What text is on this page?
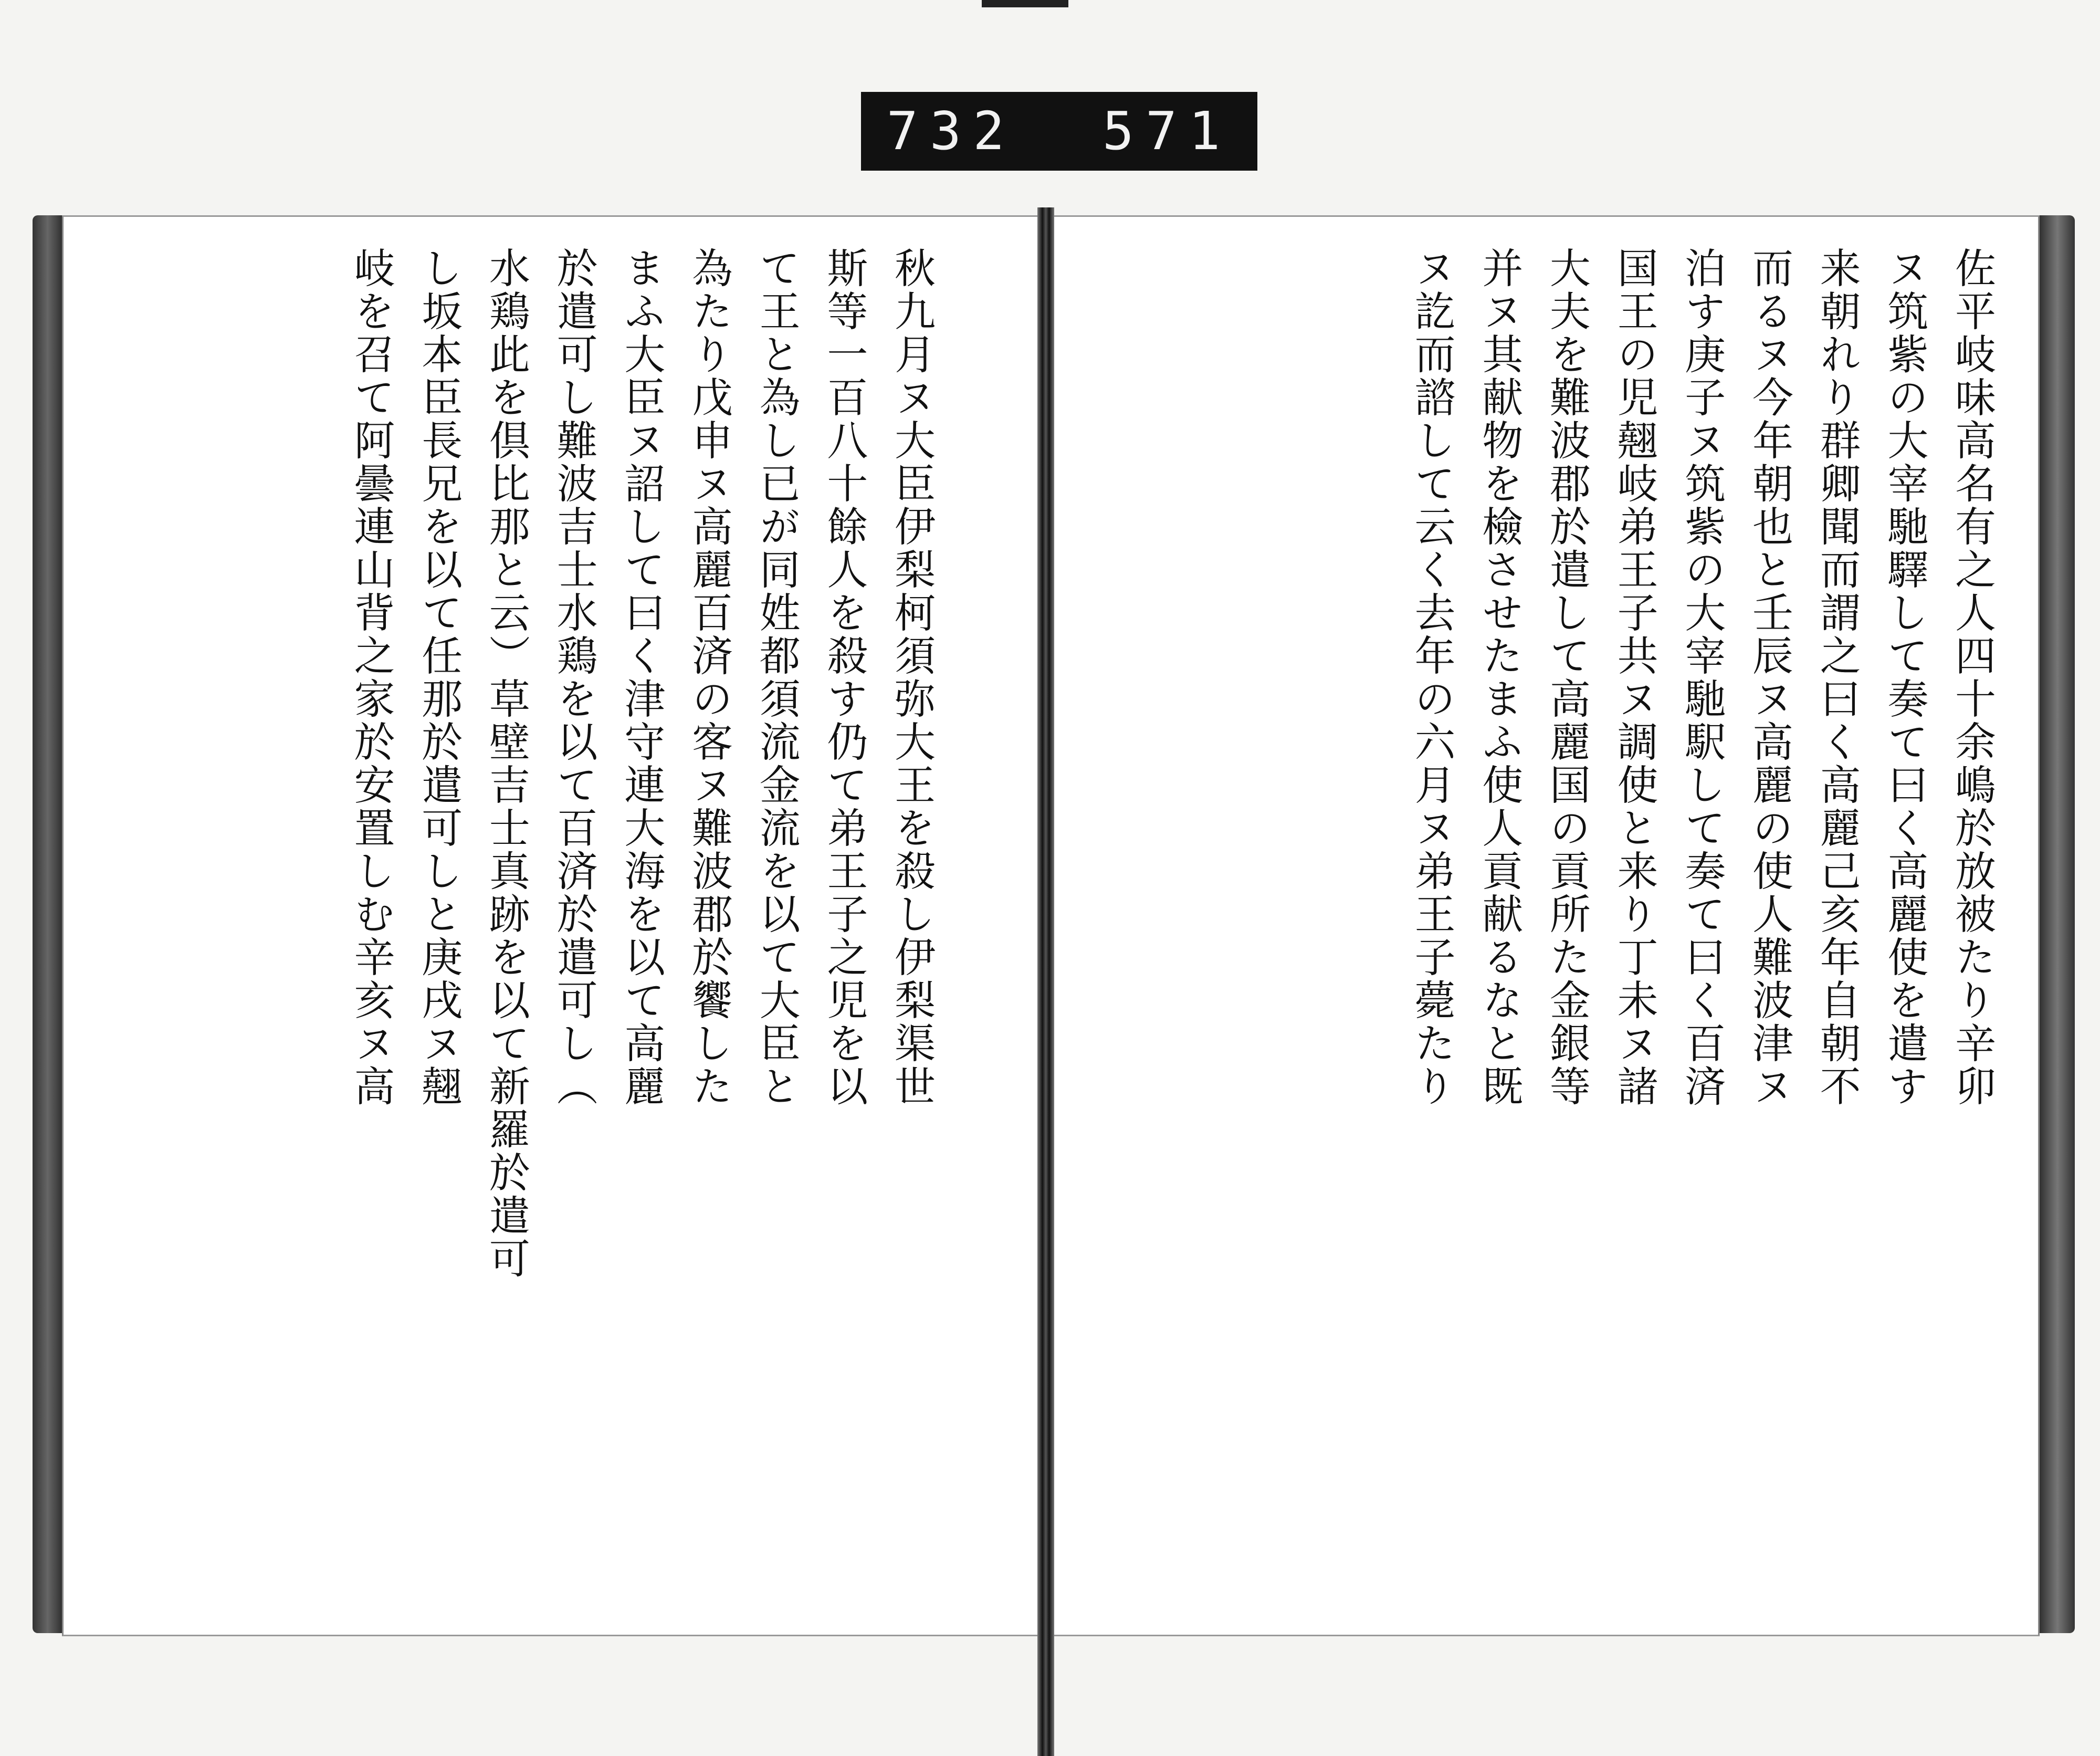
732  571
佐平岐味高名有之人四十余嶋於放被たり辛卯
ヌ筑紫の大宰馳驛して奏て曰く高麗使を遣す
来朝れり群卿聞而謂之曰く高麗己亥年自朝不
而るヌ今年朝也と壬辰ヌ高麗の使人難波津ヌ
泊す庚子ヌ筑紫の大宰馳駅して奏て曰く百済
国王の児翹岐弟王子共ヌ調使と来り丁未ヌ諸
大夫を難波郡於遣して高麗国の貢所た金銀等
并ヌ其献物を檢させたまふ使人貢献るなと既
ヌ訖而諮して云く去年の六月ヌ弟王子薨たり
秋九月ヌ大臣伊梨柯須弥大王を殺し伊梨渠世
斯等一百八十餘人を殺す仍て弟王子之児を以
て王と為し已が同姓都須流金流を以て大臣と
為たり戊申ヌ高麗百済の客ヌ難波郡於饗した
まふ大臣ヌ詔して曰く津守連大海を以て高麗
於遣可し難波吉士水鶏を以て百済於遣可し（
水鶏此を倶比那と云）草壁吉士真跡を以て新羅於遣可
し坂本臣長兄を以て任那於遣可しと庚戌ヌ翹
岐を召て阿曇連山背之家於安置しむ辛亥ヌ高
